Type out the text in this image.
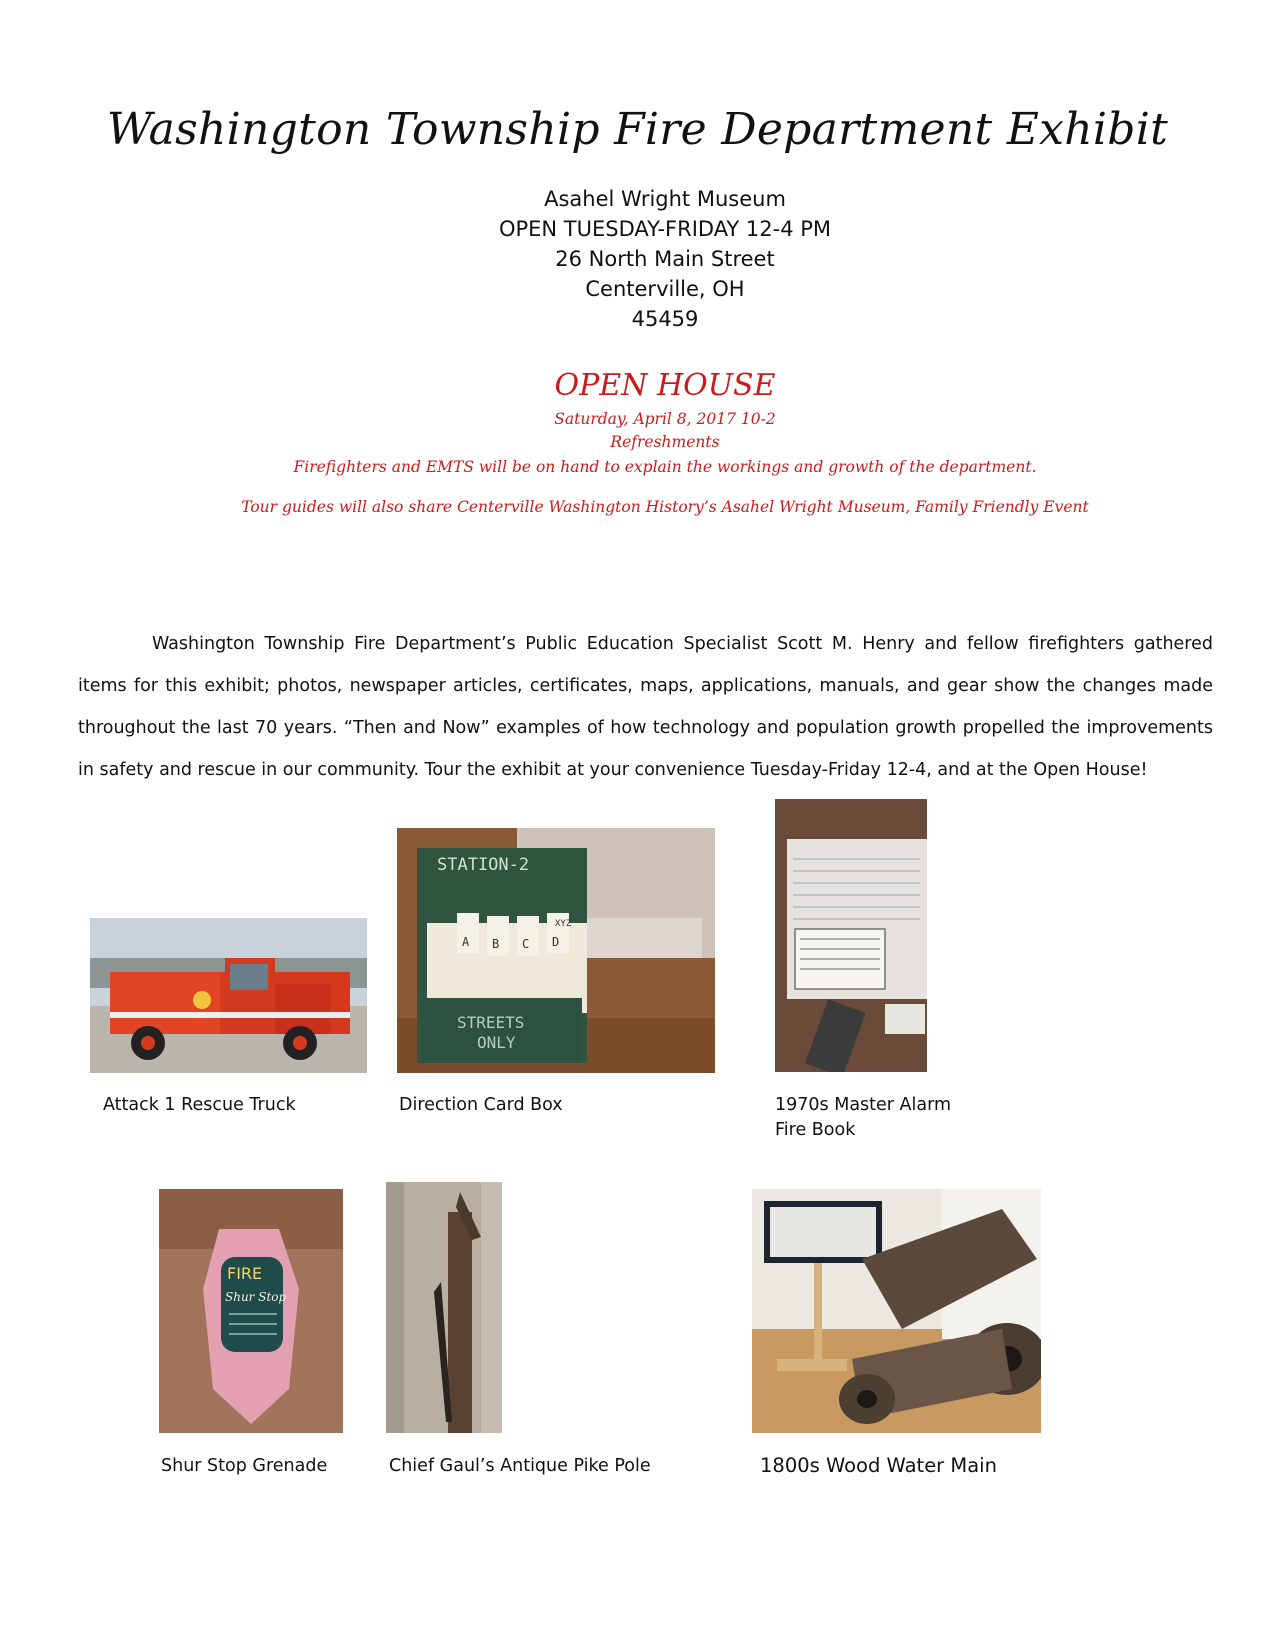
Washington Township Fire Department Exhibit
Asahel Wright Museum
OPEN TUESDAY-FRIDAY 12-4 PM
26 North Main Street
Centerville, OH
45459
OPEN HOUSE
Saturday, April 8, 2017 10-2
Refreshments
Firefighters and EMTS will be on hand to explain the workings and growth of the department.
Tour guides will also share Centerville Washington History’s Asahel Wright Museum, Family Friendly Event
Washington Township Fire Department’s Public Education Specialist Scott M. Henry and fellow firefighters gathered items for this exhibit; photos, newspaper articles, certificates, maps, applications, manuals, and gear show the changes made throughout the last 70 years. “Then and Now” examples of how technology and population growth propelled the improvements in safety and rescue in our community. Tour the exhibit at your convenience Tuesday-Friday 12-4, and at the Open House!
Attack 1 Rescue Truck
STATION-2
A B C D
XYZ
STREETS
ONLY
Direction Card Box	1970s Master Alarm
Fire Book
FIRE
Shur Stop
Shur Stop Grenade	Chief Gaul’s Antique Pike Pole	1800s Wood Water Main
